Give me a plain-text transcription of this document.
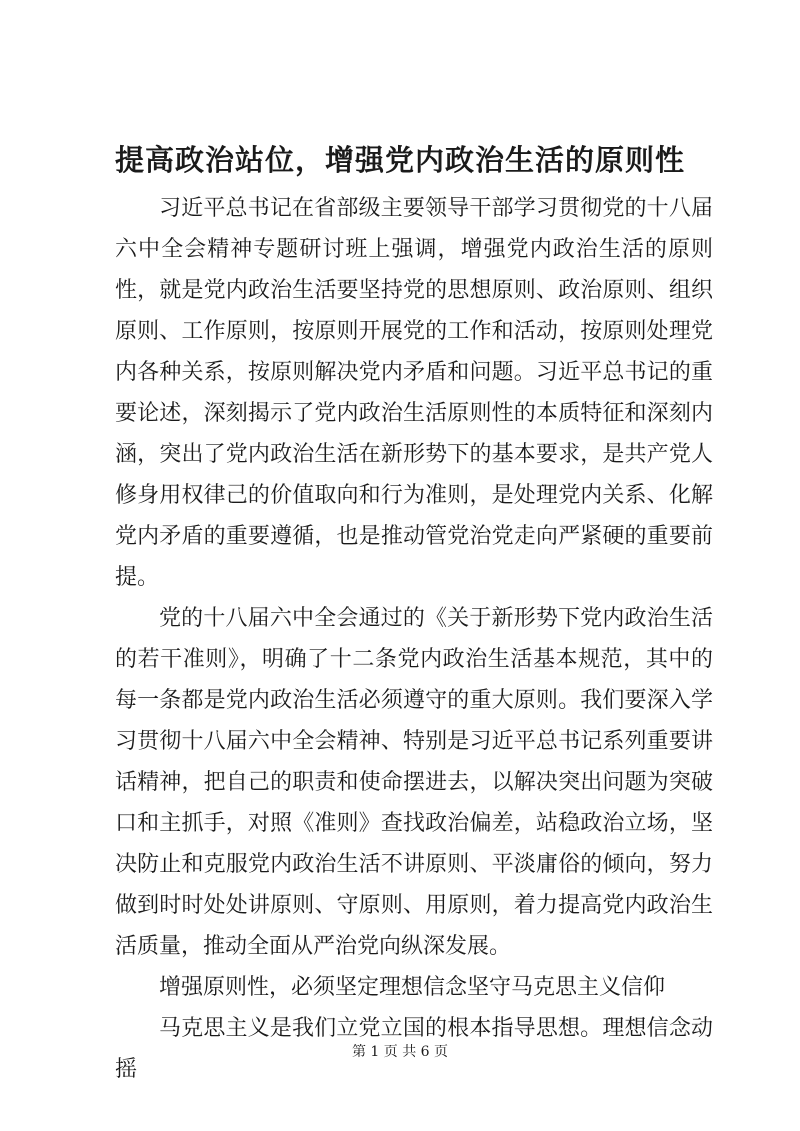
提高政治站位，增强党内政治生活的原则性

习近平总书记在省部级主要领导干部学习贯彻党的十八届六中全会精神专题研讨班上强调，增强党内政治生活的原则性，就是党内政治生活要坚持党的思想原则、政治原则、组织原则、工作原则，按原则开展党的工作和活动，按原则处理党内各种关系，按原则解决党内矛盾和问题。习近平总书记的重要论述，深刻揭示了党内政治生活原则性的本质特征和深刻内涵，突出了党内政治生活在新形势下的基本要求，是共产党人修身用权律己的价值取向和行为准则，是处理党内关系、化解党内矛盾的重要遵循，也是推动管党治党走向严紧硬的重要前提。

党的十八届六中全会通过的《关于新形势下党内政治生活的若干准则》，明确了十二条党内政治生活基本规范，其中的每一条都是党内政治生活必须遵守的重大原则。我们要深入学习贯彻十八届六中全会精神、特别是习近平总书记系列重要讲话精神，把自己的职责和使命摆进去，以解决突出问题为突破口和主抓手，对照《准则》查找政治偏差，站稳政治立场，坚决防止和克服党内政治生活不讲原则、平淡庸俗的倾向，努力做到时时处处讲原则、守原则、用原则，着力提高党内政治生活质量，推动全面从严治党向纵深发展。

增强原则性，必须坚定理想信念坚守马克思主义信仰

马克思主义是我们立党立国的根本指导思想。理想信念动摇

第 1 页 共 6 页
